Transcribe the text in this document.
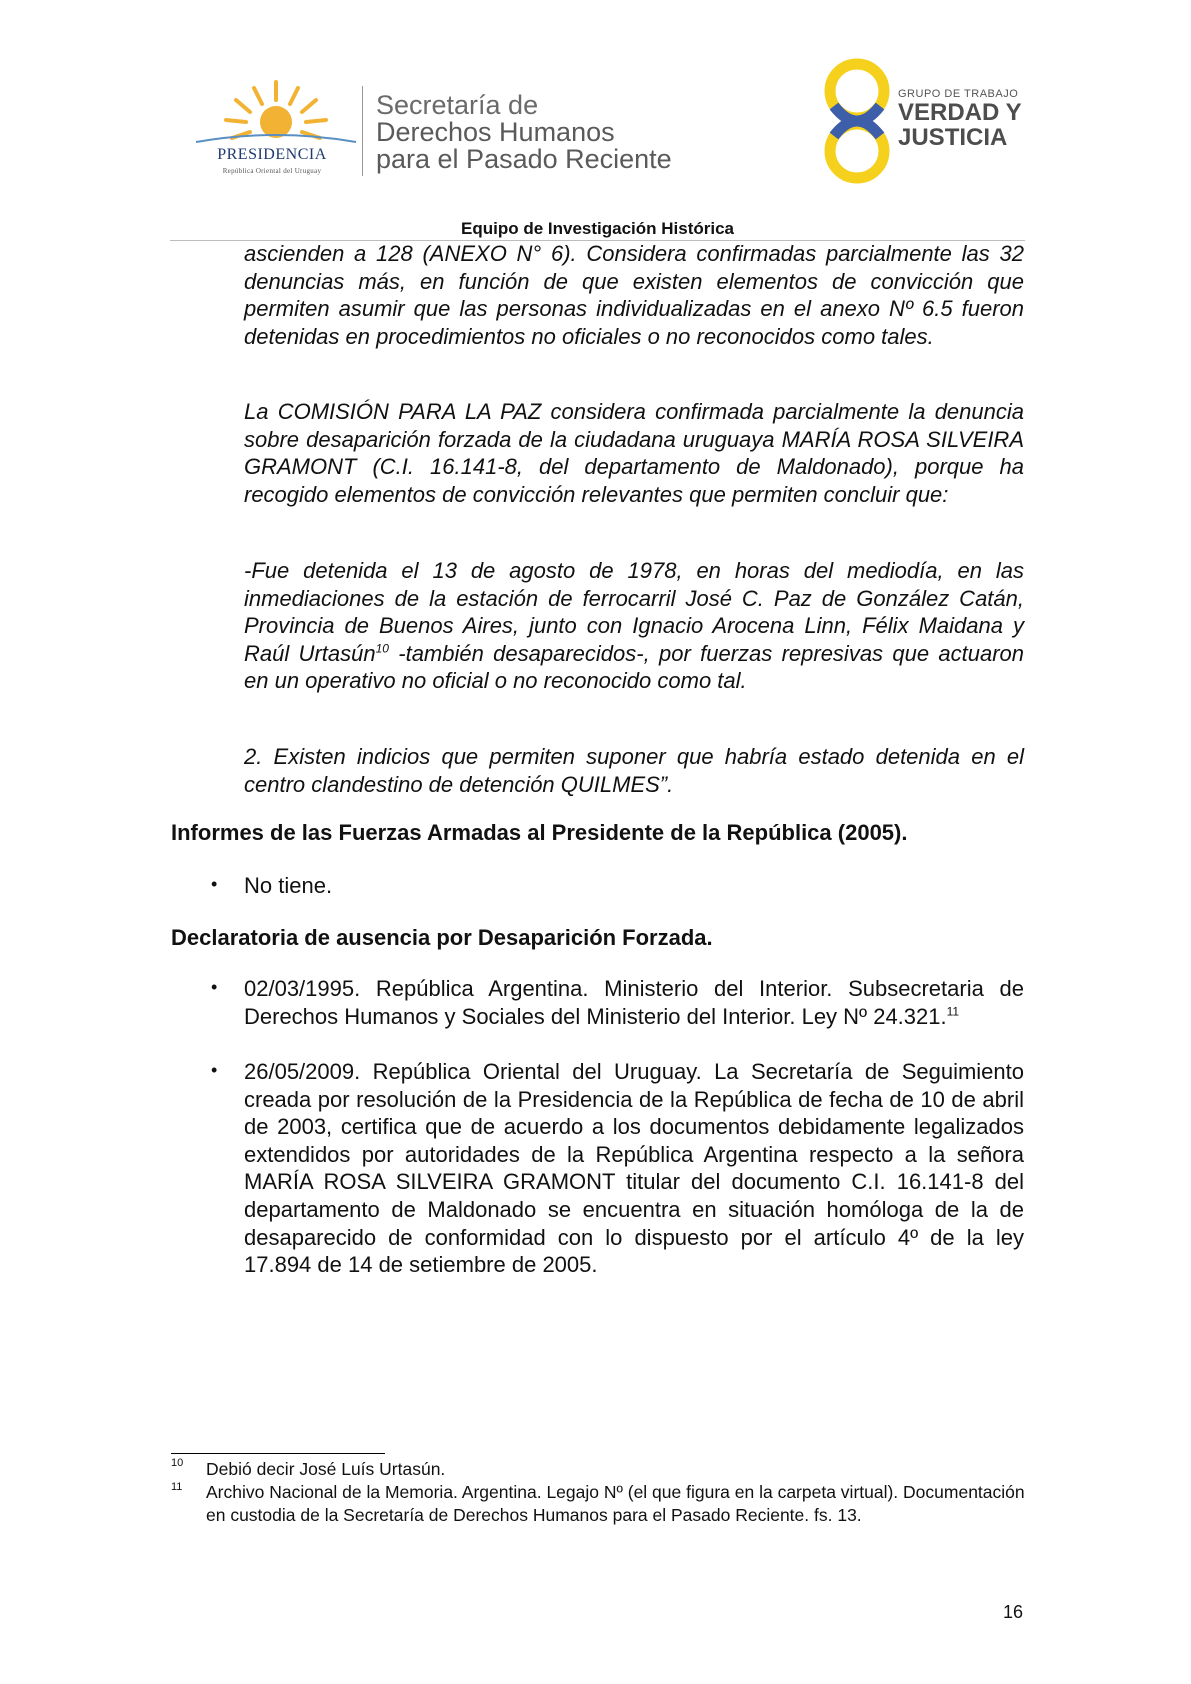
PRESIDENCIA
República Oriental del Uruguay
Secretaría de
Derechos Humanos
para el Pasado Reciente
GRUPO DE TRABAJO
VERDAD Y
JUSTICIA
Equipo de Investigación Histórica
ascienden a 128 (ANEXO N° 6). Considera confirmadas parcialmente las 32 denuncias más, en función de que existen elementos de convicción que permiten asumir que las personas individualizadas en el anexo Nº 6.5 fueron detenidas en procedimientos no oficiales o no reconocidos como tales.
La COMISIÓN PARA LA PAZ considera confirmada parcialmente la denuncia sobre desaparición forzada de la ciudadana uruguaya MARÍA ROSA SILVEIRA GRAMONT (C.I. 16.141-8, del departamento de Maldonado), porque ha recogido elementos de convicción relevantes que permiten concluir que:
-Fue detenida el 13 de agosto de 1978, en horas del mediodía, en las inmediaciones de la estación de ferrocarril José C. Paz de González Catán, Provincia de Buenos Aires, junto con Ignacio Arocena Linn, Félix Maidana y Raúl Urtasún$^{10}$ -también desaparecidos-, por fuerzas represivas que actuaron en un operativo no oficial o no reconocido como tal.
2. Existen indicios que permiten suponer que habría estado detenida en el centro clandestino de detención QUILMES”.
Informes de las Fuerzas Armadas al Presidente de la República (2005).
• No tiene.
Declaratoria de ausencia por Desaparición Forzada.
• 02/03/1995. República Argentina. Ministerio del Interior. Subsecretaria de Derechos Humanos y Sociales del Ministerio del Interior. Ley Nº 24.321.11
• 26/05/2009. República Oriental del Uruguay. La Secretaría de Seguimiento creada por resolución de la Presidencia de la República de fecha de 10 de abril de 2003, certifica que de acuerdo a los documentos debidamente legalizados extendidos por autoridades de la República Argentina respecto a la señora MARÍA ROSA SILVEIRA GRAMONT titular del documento C.I. 16.141-8 del departamento de Maldonado se encuentra en situación homóloga de la de desaparecido de conformidad con lo dispuesto por el artículo 4º de la ley 17.894 de 14 de setiembre de 2005.
10 Debió decir José Luís Urtasún.
11 Archivo Nacional de la Memoria. Argentina. Legajo Nº (el que figura en la carpeta virtual). Documentación en custodia de la Secretaría de Derechos Humanos para el Pasado Reciente. fs. 13.
16
